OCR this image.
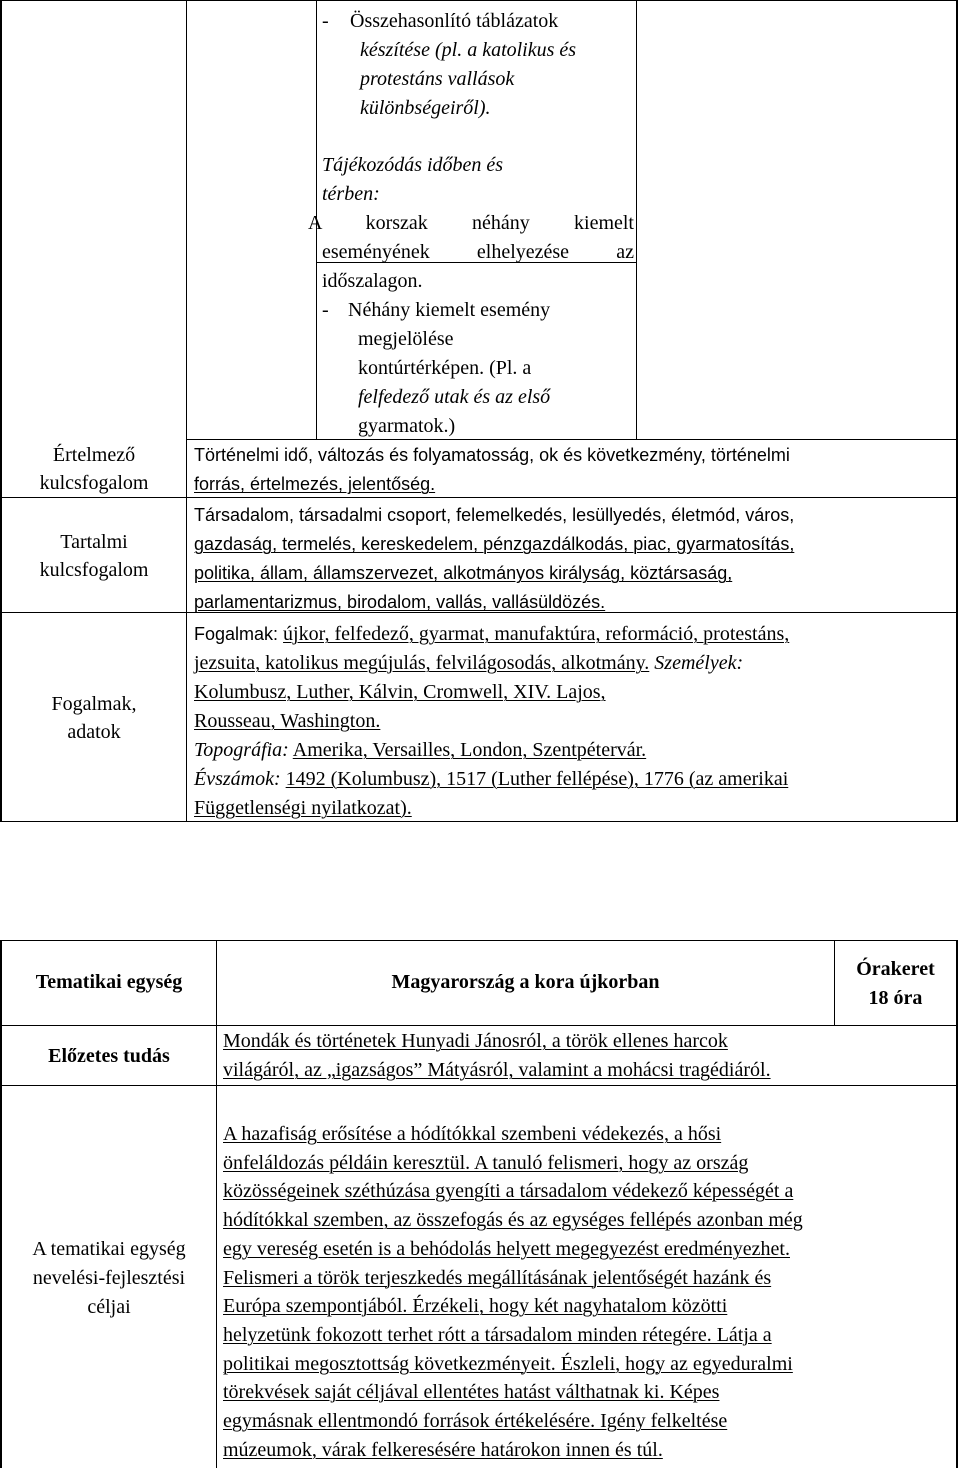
- Összehasonlító táblázatok
készítése (pl. a katolikus és
protestáns vallások
különbségeiről).
Tájékozódás időben és
térben:
A korszak néhány kiemelt
eseményének elhelyezése az
időszalagon.
- Néhány kiemelt esemény
megjelölése
kontúrtérképen. (Pl. a
felfedező utak és az első
gyarmatok.)
Értelmező
kulcsfogalom
Tartalmi
kulcsfogalom
Fogalmak,
adatok
Történelmi idő, változás és folyamatosság, ok és következmény, történelmi
forrás, értelmezés, jelentőség.
Társadalom, társadalmi csoport, felemelkedés, lesüllyedés, életmód, város,
gazdaság, termelés, kereskedelem, pénzgazdálkodás, piac, gyarmatosítás,
politika, állam, államszervezet, alkotmányos királyság, köztársaság,
parlamentarizmus, birodalom, vallás, vallásüldözés.
Fogalmak: újkor, felfedező, gyarmat, manufaktúra, reformáció, protestáns,
jezsuita, katolikus megújulás, felvilágosodás, alkotmány. Személyek:
Kolumbusz, Luther, Kálvin, Cromwell, XIV. Lajos,
Rousseau, Washington.
Topográfia: Amerika, Versailles, London, Szentpétervár.
Évszámok: 1492 (Kolumbusz), 1517 (Luther fellépése), 1776 (az amerikai
Függetlenségi nyilatkozat).
Tematikai egység	Magyarország a kora újkorban
Órakeret
18 óra
Előzetes tudás
Mondák és történetek Hunyadi Jánosról, a török ellenes harcok
világáról, az „igazságos” Mátyásról, valamint a mohácsi tragédiáról.
A tematikai egység
nevelési-fejlesztési
céljai
A hazafiság erősítése a hódítókkal szembeni védekezés, a hősi
önfeláldozás példáin keresztül. A tanuló felismeri, hogy az ország
közösségeinek széthúzása gyengíti a társadalom védekező képességét a
hódítókkal szemben, az összefogás és az egységes fellépés azonban még
egy vereség esetén is a behódolás helyett megegyezést eredményezhet.
Felismeri a török terjeszkedés megállításának jelentőségét hazánk és
Európa szempontjából. Érzékeli, hogy két nagyhatalom közötti
helyzetünk fokozott terhet rótt a társadalom minden rétegére. Látja a
politikai megosztottság következményeit. Észleli, hogy az egyeduralmi
törekvések saját céljával ellentétes hatást válthatnak ki. Képes
egymásnak ellentmondó források értékelésére. Igény felkeltése
múzeumok, várak felkeresésére határokon innen és túl.
